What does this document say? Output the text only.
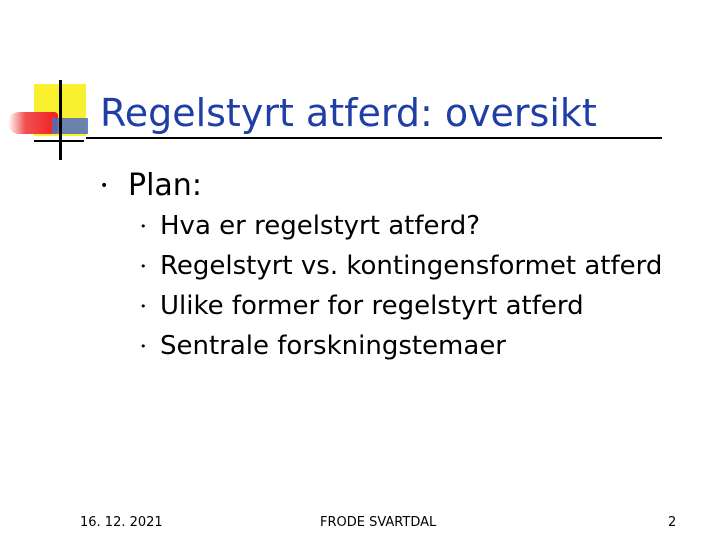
Regelstyrt atferd: oversikt
• Plan:
• Hva er regelstyrt atferd?
• Regelstyrt vs. kontingensformet atferd
• Ulike former for regelstyrt atferd
• Sentrale forskningstemaer
16. 12. 2021	FRODE SVARTDAL	2
